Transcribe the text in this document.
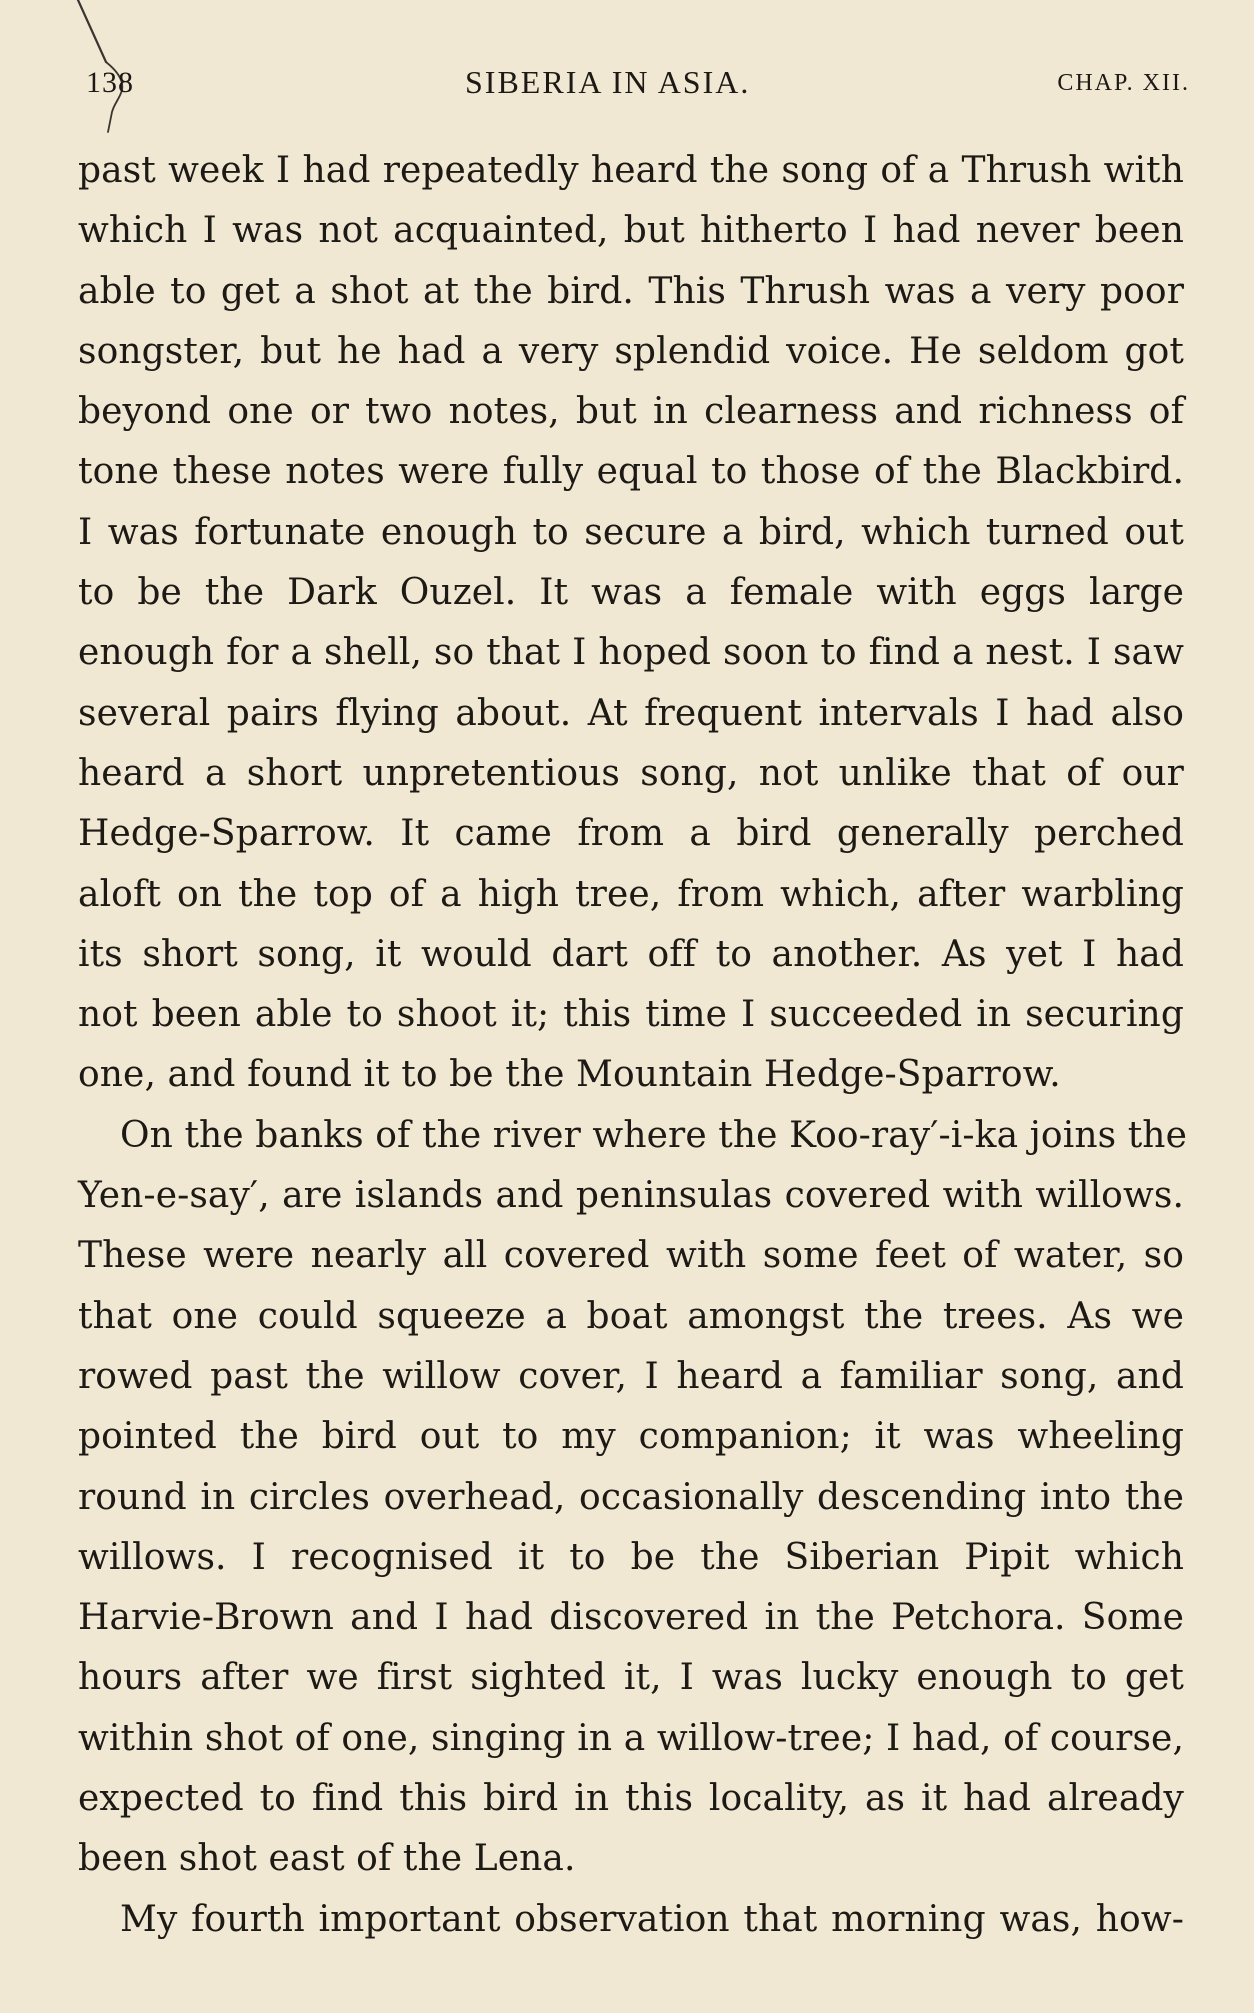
138	SIBERIA IN ASIA.	CHAP. XII.
past week I had repeatedly heard the song of a Thrush with
which I was not acquainted, but hitherto I had never been
able to get a shot at the bird. This Thrush was a very poor
songster, but he had a very splendid voice. He seldom got
beyond one or two notes, but in clearness and richness of
tone these notes were fully equal to those of the Blackbird.
I was fortunate enough to secure a bird, which turned out
to be the Dark Ouzel. It was a female with eggs large
enough for a shell, so that I hoped soon to find a nest. I saw
several pairs flying about. At frequent intervals I had also
heard a short unpretentious song, not unlike that of our
Hedge-Sparrow. It came from a bird generally perched
aloft on the top of a high tree, from which, after warbling
its short song, it would dart off to another. As yet I had
not been able to shoot it; this time I succeeded in securing
one, and found it to be the Mountain Hedge-Sparrow.
On the banks of the river where the Koo-ray′-i-ka joins the
Yen-e-say′, are islands and peninsulas covered with willows.
These were nearly all covered with some feet of water, so
that one could squeeze a boat amongst the trees. As we
rowed past the willow cover, I heard a familiar song, and
pointed the bird out to my companion; it was wheeling
round in circles overhead, occasionally descending into the
willows. I recognised it to be the Siberian Pipit which
Harvie-Brown and I had discovered in the Petchora. Some
hours after we first sighted it, I was lucky enough to get
within shot of one, singing in a willow-tree; I had, of course,
expected to find this bird in this locality, as it had already
been shot east of the Lena.
My fourth important observation that morning was, how-
